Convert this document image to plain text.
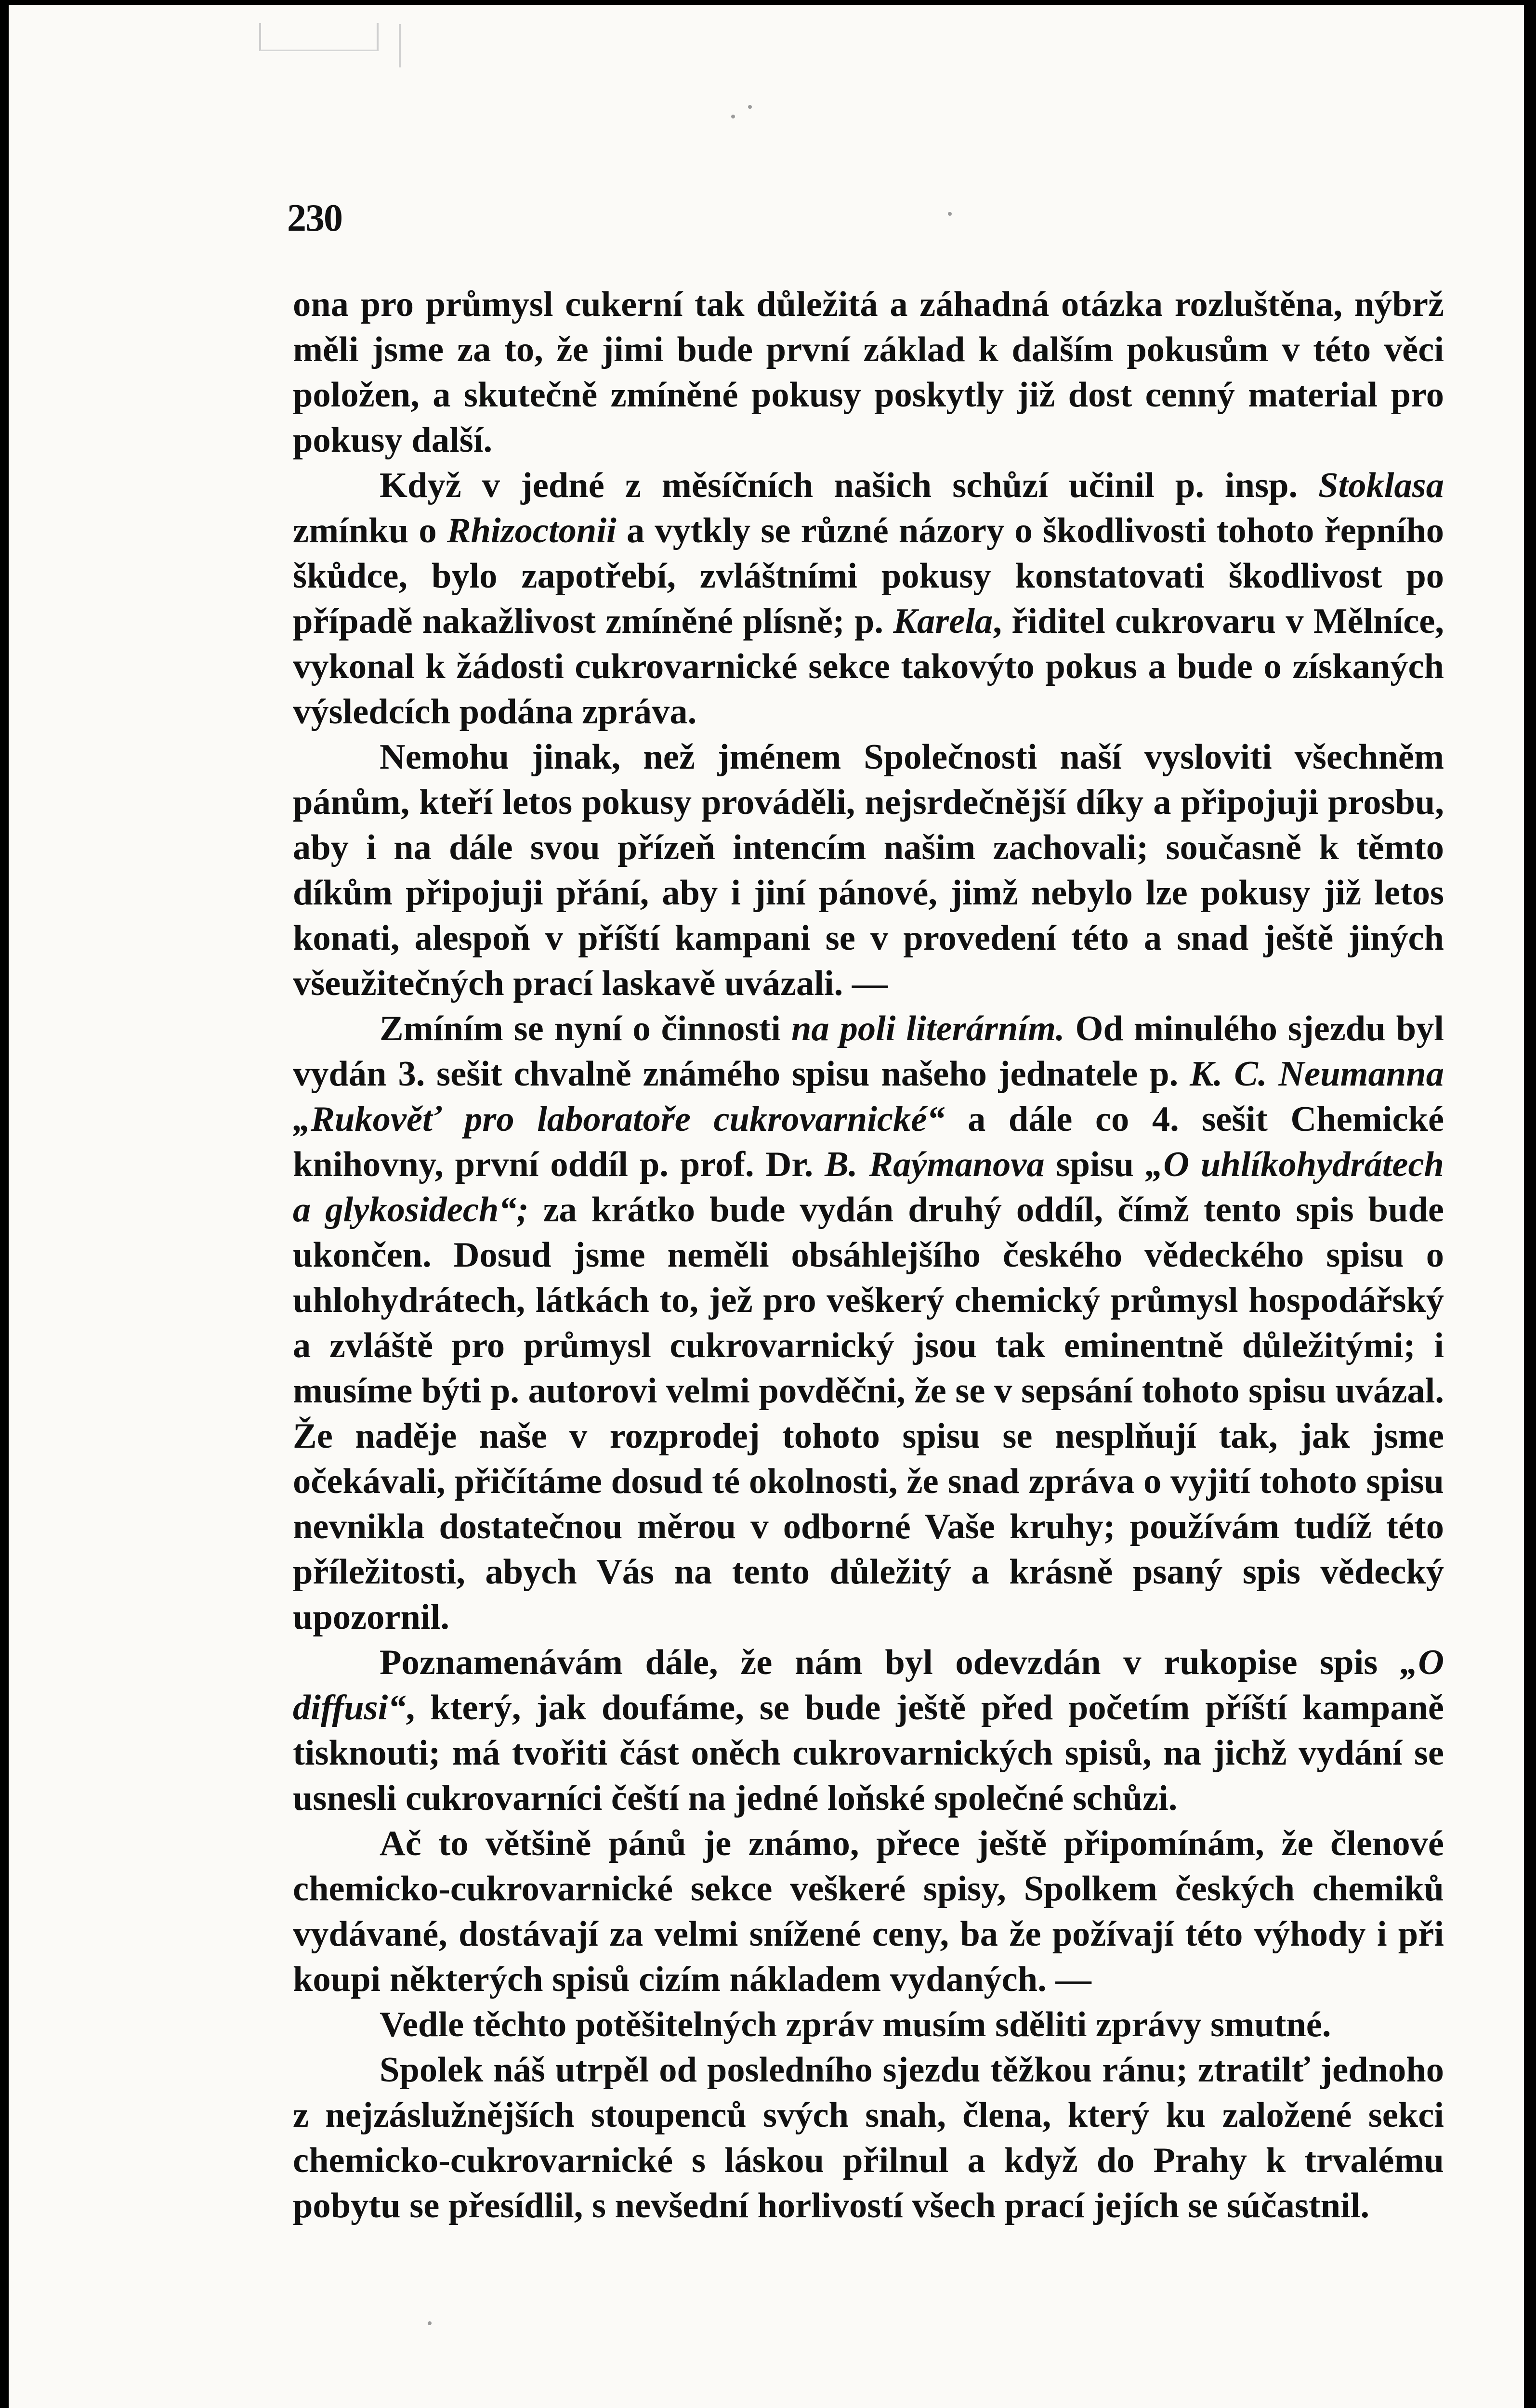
230

ona pro průmysl cukerní tak důležitá a záhadná otázka rozluštěna, nýbrž měli jsme za to, že jimi bude první základ k dalším pokusům v této věci položen, a skutečně zmíněné pokusy poskytly již dost cenný material pro pokusy další.

Když v jedné z měsíčních našich schůzí učinil p. insp. Stoklasa zmínku o Rhizoctonii a vytkly se různé názory o škodlivosti tohoto řepního škůdce, bylo zapotřebí, zvláštními pokusy konstatovati škodlivost po případě nakažlivost zmíněné plísně; p. Karela, řiditel cukrovaru v Mělníce, vykonal k žádosti cukrovarnické sekce takovýto pokus a bude o získaných výsledcích podána zpráva.

Nemohu jinak, než jménem Společnosti naší vysloviti všechněm pánům, kteří letos pokusy prováděli, nejsrdečnější díky a připojuji prosbu, aby i na dále svou přízeň intencím našim zachovali; současně k těmto díkům připojuji přání, aby i jiní pánové, jimž nebylo lze pokusy již letos konati, alespoň v příští kampani se v provedení této a snad ještě jiných všeužitečných prací laskavě uvázali. —

Zmíním se nyní o činnosti na poli literárním. Od minulého sjezdu byl vydán 3. sešit chvalně známého spisu našeho jednatele p. K. C. Neumanna „Rukověť pro laboratoře cukrovarnické“ a dále co 4. sešit Chemické knihovny, první oddíl p. prof. Dr. B. Raýmanova spisu „O uhlíkohydrátech a glykosidech“; za krátko bude vydán druhý oddíl, čímž tento spis bude ukončen. Dosud jsme neměli obsáhlejšího českého vědeckého spisu o uhlohydrátech, látkách to, jež pro veškerý chemický průmysl hospodářský a zvláště pro průmysl cukrovarnický jsou tak eminentně důležitými; i musíme býti p. autorovi velmi povděčni, že se v sepsání tohoto spisu uvázal. Že naděje naše v rozprodej tohoto spisu se nesplňují tak, jak jsme očekávali, přičítáme dosud té okolnosti, že snad zpráva o vyjití tohoto spisu nevnikla dostatečnou měrou v odborné Vaše kruhy; používám tudíž této příležitosti, abych Vás na tento důležitý a krásně psaný spis vědecký upozornil.

Poznamenávám dále, že nám byl odevzdán v rukopise spis „O diffusi“, který, jak doufáme, se bude ještě před početím příští kampaně tisknouti; má tvořiti část oněch cukrovarnických spisů, na jichž vydání se usnesli cukrovarníci čeští na jedné loňské společné schůzi.

Ač to většině pánů je známo, přece ještě připomínám, že členové chemicko-cukrovarnické sekce veškeré spisy, Spolkem českých chemiků vydávané, dostávají za velmi snížené ceny, ba že požívají této výhody i při koupi některých spisů cizím nákladem vydaných. —

Vedle těchto potěšitelných zpráv musím sděliti zprávy smutné.

Spolek náš utrpěl od posledního sjezdu těžkou ránu; ztratilť jednoho z nejzáslužnějších stoupenců svých snah, člena, který ku založené sekci chemicko-cukrovarnické s láskou přilnul a když do Prahy k trvalému pobytu se přesídlil, s nevšední horlivostí všech prací jejích se súčastnil.
